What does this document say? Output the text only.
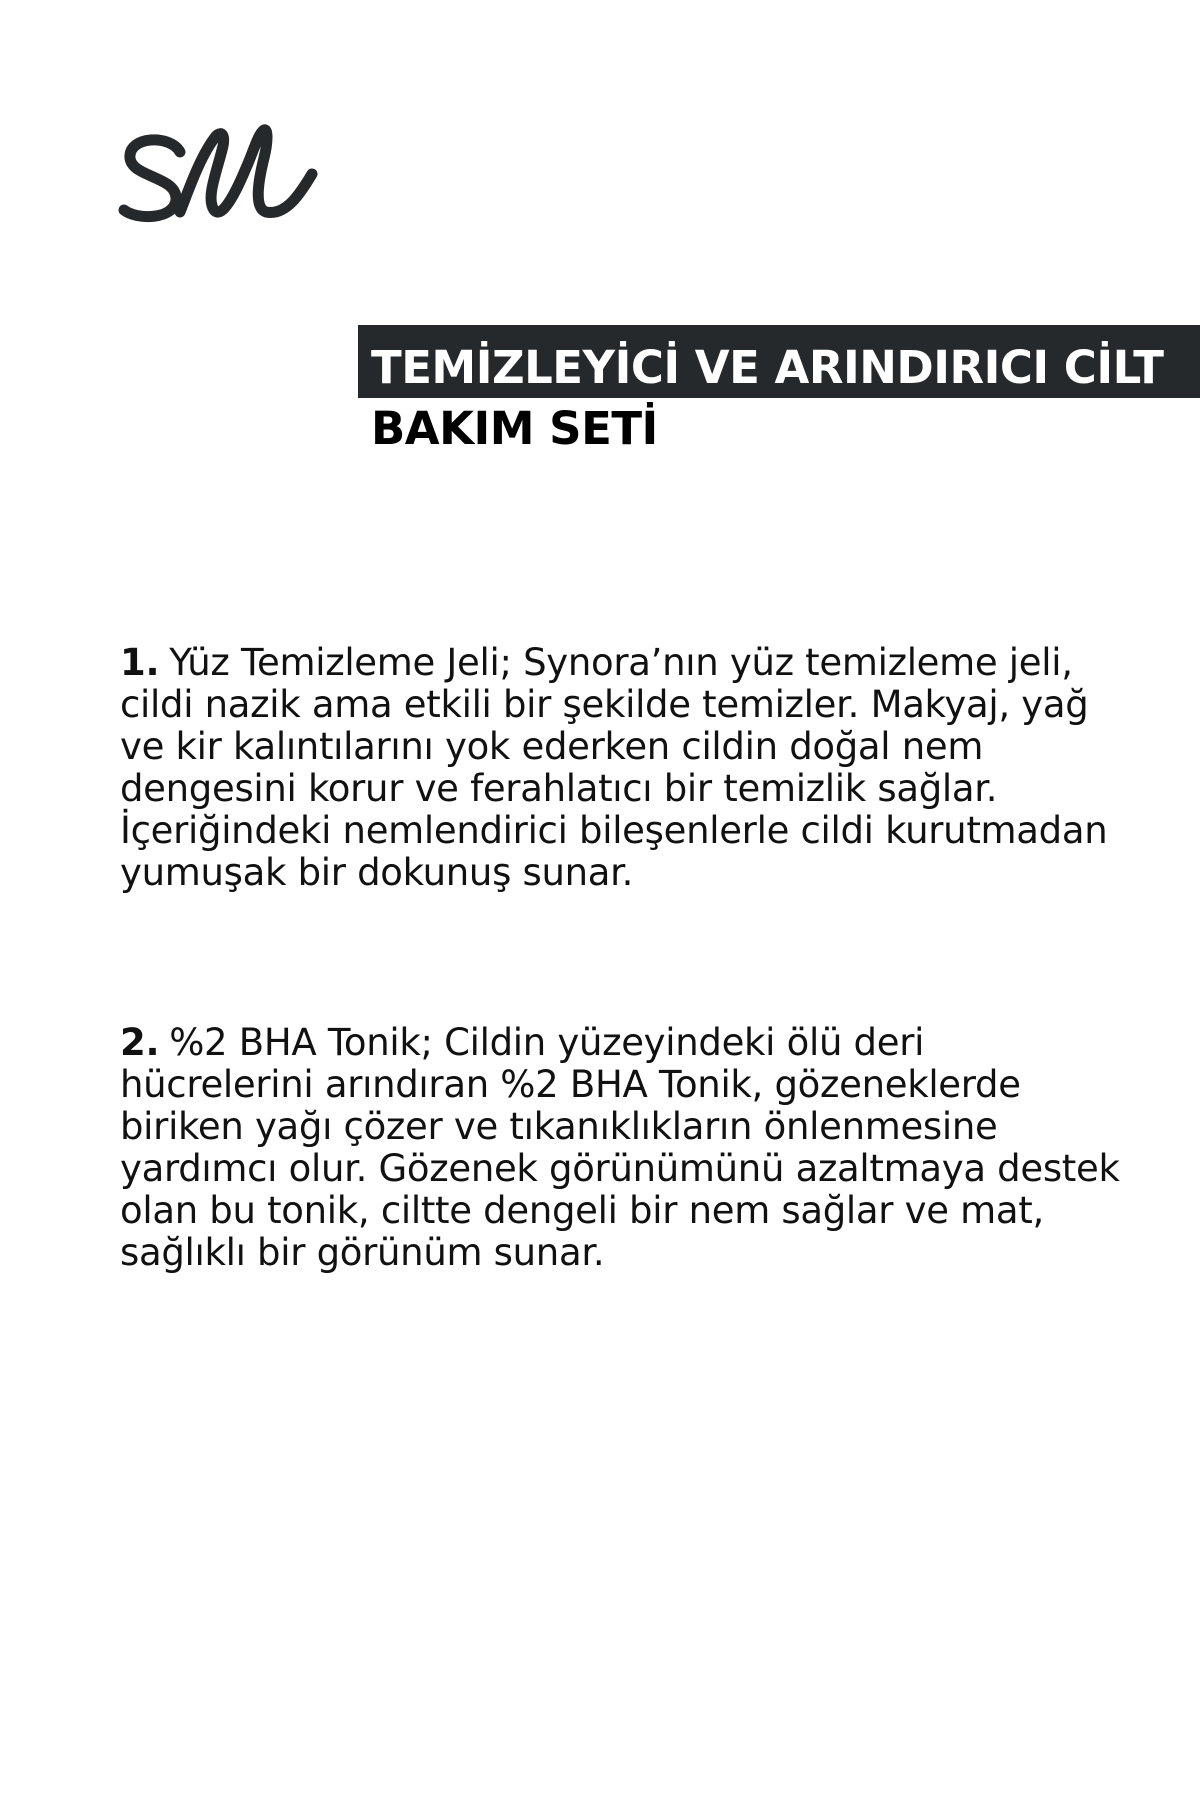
TEMİZLEYİCİ VE ARINDIRICI CİLT
BAKIM SETİ
1. Yüz Temizleme Jeli; Synora’nın yüz temizleme jeli, cildi nazik ama etkili bir şekilde temizler. Makyaj, yağ ve kir kalıntılarını yok ederken cildin doğal nem dengesini korur ve ferahlatıcı bir temizlik sağlar. İçeriğindeki nemlendirici bileşenlerle cildi kurutmadan yumuşak bir dokunuş sunar.
2. %2 BHA Tonik; Cildin yüzeyindeki ölü deri hücrelerini arındıran %2 BHA Tonik, gözeneklerde biriken yağı çözer ve tıkanıklıkların önlenmesine yardımcı olur. Gözenek görünümünü azaltmaya destek olan bu tonik, ciltte dengeli bir nem sağlar ve mat, sağlıklı bir görünüm sunar.
